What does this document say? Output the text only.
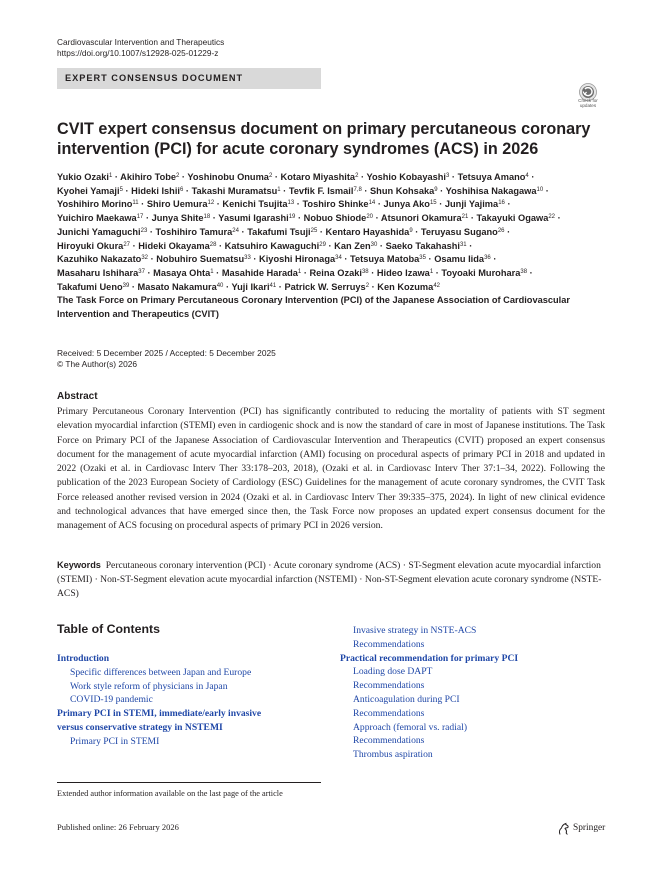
Cardiovascular Intervention and Therapeutics
https://doi.org/10.1007/s12928-025-01229-z
EXPERT CONSENSUS DOCUMENT
Check for
updates
CVIT expert consensus document on primary percutaneous coronary
intervention (PCI) for acute coronary syndromes (ACS) in 2026
Yukio Ozaki$^1$ · Akihiro Tobe$^2$ · Yoshinobu Onuma$^2$ · Kotaro Miyashita$^2$ · Yoshio Kobayashi$^3$ · Tetsuya Amano$^4$ ·
Kyohei Yamaji$^5$ · Hideki Ishii$^6$ · Takashi Muramatsu$^1$ · Tevfik F. Ismail$^{7,8}$ · Shun Kohsaka$^9$ · Yoshihisa Nakagawa$^{10}$ ·
Yoshihiro Morino$^{11}$ · Shiro Uemura$^{12}$ · Kenichi Tsujita$^{13}$ · Toshiro Shinke$^{14}$ · Junya Ako$^{15}$ · Junji Yajima$^{16}$ ·
Yuichiro Maekawa$^{17}$ · Junya Shite$^{18}$ · Yasumi Igarashi$^{19}$ · Nobuo Shiode$^{20}$ · Atsunori Okamura$^{21}$ · Takayuki Ogawa$^{22}$ ·
Junichi Yamaguchi$^{23}$ · Toshihiro Tamura$^{24}$ · Takafumi Tsuji$^{25}$ · Kentaro Hayashida$^9$ · Teruyasu Sugano$^{26}$ ·
Hiroyuki Okura$^{27}$ · Hideki Okayama$^{28}$ · Katsuhiro Kawaguchi$^{29}$ · Kan Zen$^{30}$ · Saeko Takahashi$^{31}$ ·
Kazuhiko Nakazato$^{32}$ · Nobuhiro Suematsu$^{33}$ · Kiyoshi Hironaga$^{34}$ · Tetsuya Matoba$^{35}$ · Osamu Iida$^{36}$ ·
Masaharu Ishihara$^{37}$ · Masaya Ohta$^1$ · Masahide Harada$^1$ · Reina Ozaki$^{38}$ · Hideo Izawa$^1$ · Toyoaki Murohara$^{38}$ ·
Takafumi Ueno$^{39}$ · Masato Nakamura$^{40}$ · Yuji Ikari$^{41}$ · Patrick W. Serruys$^2$ · Ken Kozuma$^{42}$
The Task Force on Primary Percutaneous Coronary Intervention (PCI) of the Japanese Association of Cardiovascular
Intervention and Therapeutics (CVIT)
Received: 5 December 2025 / Accepted: 5 December 2025
© The Author(s) 2026
Abstract
Primary Percutaneous Coronary Intervention (PCI) has significantly contributed to reducing the mortality of patients with ST segment elevation myocardial infarction (STEMI) even in cardiogenic shock and is now the standard of care in most of Japanese institutions. The Task Force on Primary PCI of the Japanese Association of Cardiovascular Intervention and Therapeutics (CVIT) proposed an expert consensus document for the management of acute myocardial infarction (AMI) focusing on procedural aspects of primary PCI in 2018 and updated in 2022 (Ozaki et al. in Cardiovasc Interv Ther 33:178–203, 2018), (Ozaki et al. in Cardiovasc Interv Ther 37:1–34, 2022). Following the publication of the 2023 European Society of Cardiology (ESC) Guidelines for the management of acute coronary syndromes, the CVIT Task Force released another revised version in 2024 (Ozaki et al. in Cardiovasc Interv Ther 39:335–375, 2024). In light of new clinical evidence and technological advances that have emerged since then, the Task Force now proposes an updated expert consensus document for the management of ACS focusing on procedural aspects of primary PCI in 2026 version.
Keywords Percutaneous coronary intervention (PCI) · Acute coronary syndrome (ACS) · ST-Segment elevation acute myocardial infarction (STEMI) · Non-ST-Segment elevation acute myocardial infarction (NSTEMI) · Non-ST-Segment elevation acute coronary syndrome (NSTE-ACS)
Table of Contents
Introduction
Specific differences between Japan and Europe
Work style reform of physicians in Japan
COVID-19 pandemic
Primary PCI in STEMI, immediate/early invasive
versus conservative strategy in NSTEMI
Primary PCI in STEMI
Invasive strategy in NSTE-ACS
Recommendations
Practical recommendation for primary PCI
Loading dose DAPT
Recommendations
Anticoagulation during PCI
Recommendations
Approach (femoral vs. radial)
Recommendations
Thrombus aspiration
Extended author information available on the last page of the article
Published online: 26 February 2026	Springer
